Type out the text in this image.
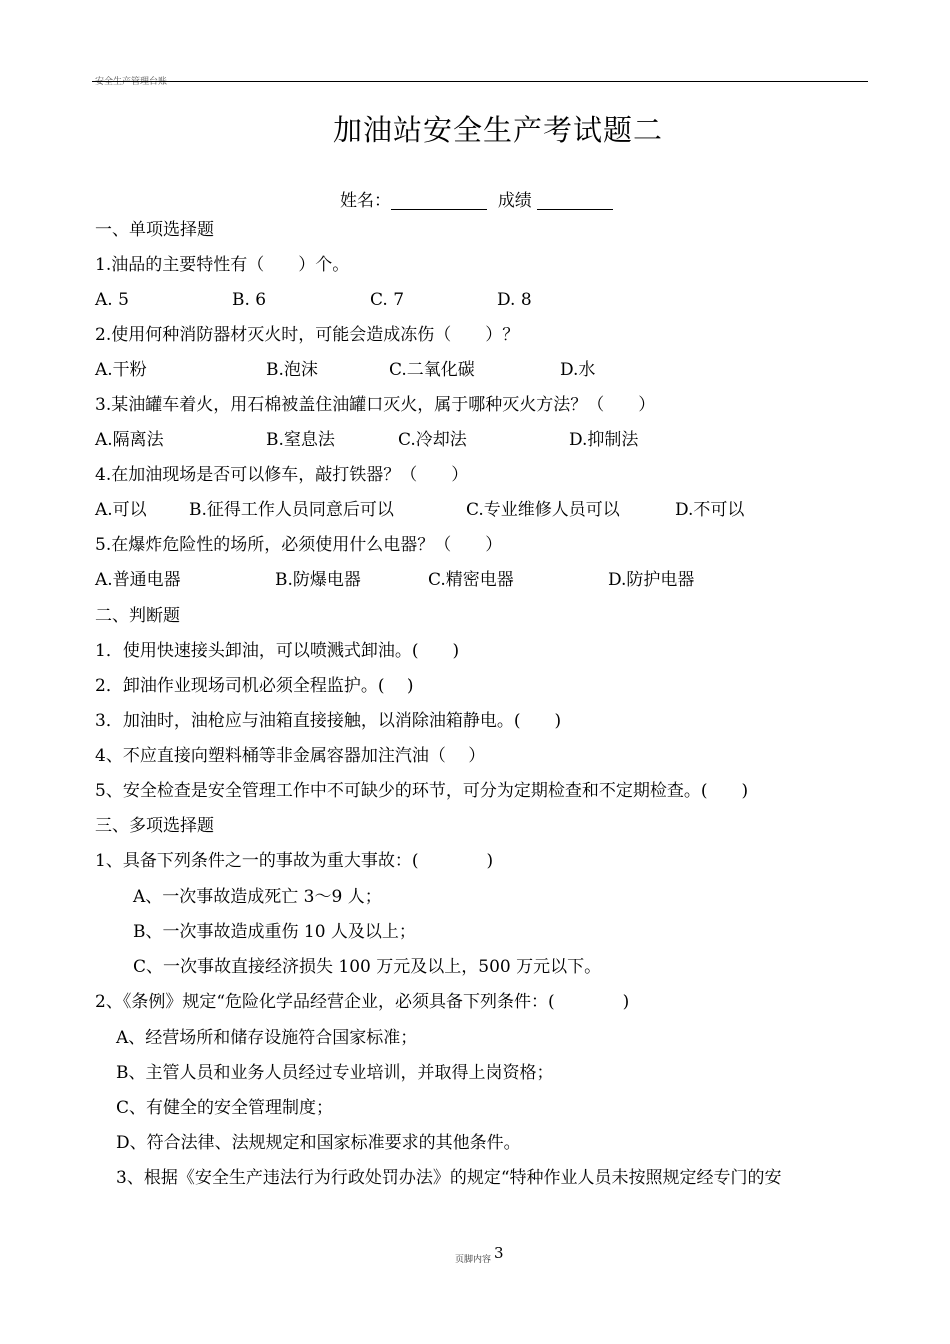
安全生产管理台账
加油站安全生产考试题二
姓名：	成绩
一、单项选择题
1.油品的主要特性有（　　）个。
A. 5	B. 6	C. 7	D. 8
2.使用何种消防器材灭火时，可能会造成冻伤（　　）？
A.干粉	B.泡沫	C.二氧化碳	D.水
3.某油罐车着火，用石棉被盖住油罐口灭火，属于哪种灭火方法？（　　）
A.隔离法	B.窒息法	C.冷却法	D.抑制法
4.在加油现场是否可以修车，敲打铁器？（　　）
A.可以 B.征得工作人员同意后可以	C.专业维修人员可以	D.不可以
5.在爆炸危险性的场所，必须使用什么电器？（　　）
A.普通电器	B.防爆电器	C.精密电器	D.防护电器
二、判断题
1．使用快速接头卸油，可以喷溅式卸油。(　　)
2．卸油作业现场司机必须全程监护。(　 )
3．加油时，油枪应与油箱直接接触，以消除油箱静电。(　　)
4、不应直接向塑料桶等非金属容器加注汽油（　 ）
5、安全检查是安全管理工作中不可缺少的环节，可分为定期检查和不定期检查。(　　)
三、多项选择题
1、具备下列条件之一的事故为重大事故：(　　　　)
A、一次事故造成死亡 3～9 人；
B、一次事故造成重伤 10 人及以上；
C、一次事故直接经济损失 100 万元及以上，500 万元以下。
2、《条例》规定“危险化学品经营企业，必须具备下列条件：(　　　　)
A、经营场所和储存设施符合国家标准；
B、主管人员和业务人员经过专业培训，并取得上岗资格；
C、有健全的安全管理制度；
D、符合法律、法规规定和国家标准要求的其他条件。
3、根据《安全生产违法行为行政处罚办法》的规定“特种作业人员未按照规定经专门的安
页脚内容 3
